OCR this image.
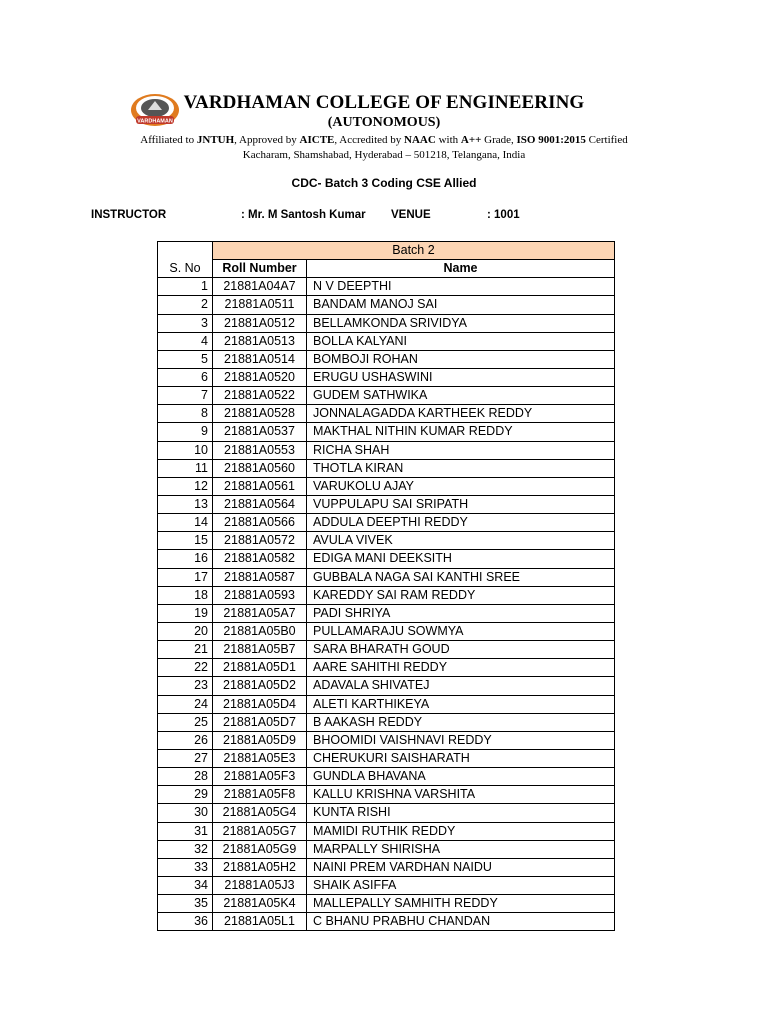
VARDHAMAN
VARDHAMAN COLLEGE OF ENGINEERING
(AUTONOMOUS)
Affiliated to JNTUH, Approved by AICTE, Accredited by NAAC with A++ Grade, ISO 9001:2015 Certified
Kacharam, Shamshabad, Hyderabad – 501218, Telangana, India
CDC- Batch 3 Coding CSE Allied
INSTRUCTOR	: Mr. M Santosh Kumar VENUE	: 1001
	Batch 2	
S. No	Roll Number	Name
1	21881A04A7	N V DEEPTHI
2	21881A0511	BANDAM MANOJ SAI
3	21881A0512	BELLAMKONDA SRIVIDYA
4	21881A0513	BOLLA KALYANI
5	21881A0514	BOMBOJI ROHAN
6	21881A0520	ERUGU USHASWINI
7	21881A0522	GUDEM SATHWIKA
8	21881A0528	JONNALAGADDA KARTHEEK REDDY
9	21881A0537	MAKTHAL NITHIN KUMAR REDDY
10	21881A0553	RICHA SHAH
11	21881A0560	THOTLA KIRAN
12	21881A0561	VARUKOLU AJAY
13	21881A0564	VUPPULAPU SAI SRIPATH
14	21881A0566	ADDULA DEEPTHI REDDY
15	21881A0572	AVULA VIVEK
16	21881A0582	EDIGA MANI DEEKSITH
17	21881A0587	GUBBALA NAGA SAI KANTHI SREE
18	21881A0593	KAREDDY SAI RAM REDDY
19	21881A05A7	PADI SHRIYA
20	21881A05B0	PULLAMARAJU SOWMYA
21	21881A05B7	SARA BHARATH GOUD
22	21881A05D1	AARE SAHITHI REDDY
23	21881A05D2	ADAVALA SHIVATEJ
24	21881A05D4	ALETI KARTHIKEYA
25	21881A05D7	B AAKASH REDDY
26	21881A05D9	BHOOMIDI VAISHNAVI REDDY
27	21881A05E3	CHERUKURI SAISHARATH
28	21881A05F3	GUNDLA BHAVANA
29	21881A05F8	KALLU KRISHNA VARSHITA
30	21881A05G4	KUNTA RISHI
31	21881A05G7	MAMIDI RUTHIK REDDY
32	21881A05G9	MARPALLY SHIRISHA
33	21881A05H2	NAINI PREM VARDHAN NAIDU
34	21881A05J3	SHAIK ASIFFA
35	21881A05K4	MALLEPALLY SAMHITH REDDY
36	21881A05L1	C BHANU PRABHU CHANDAN
